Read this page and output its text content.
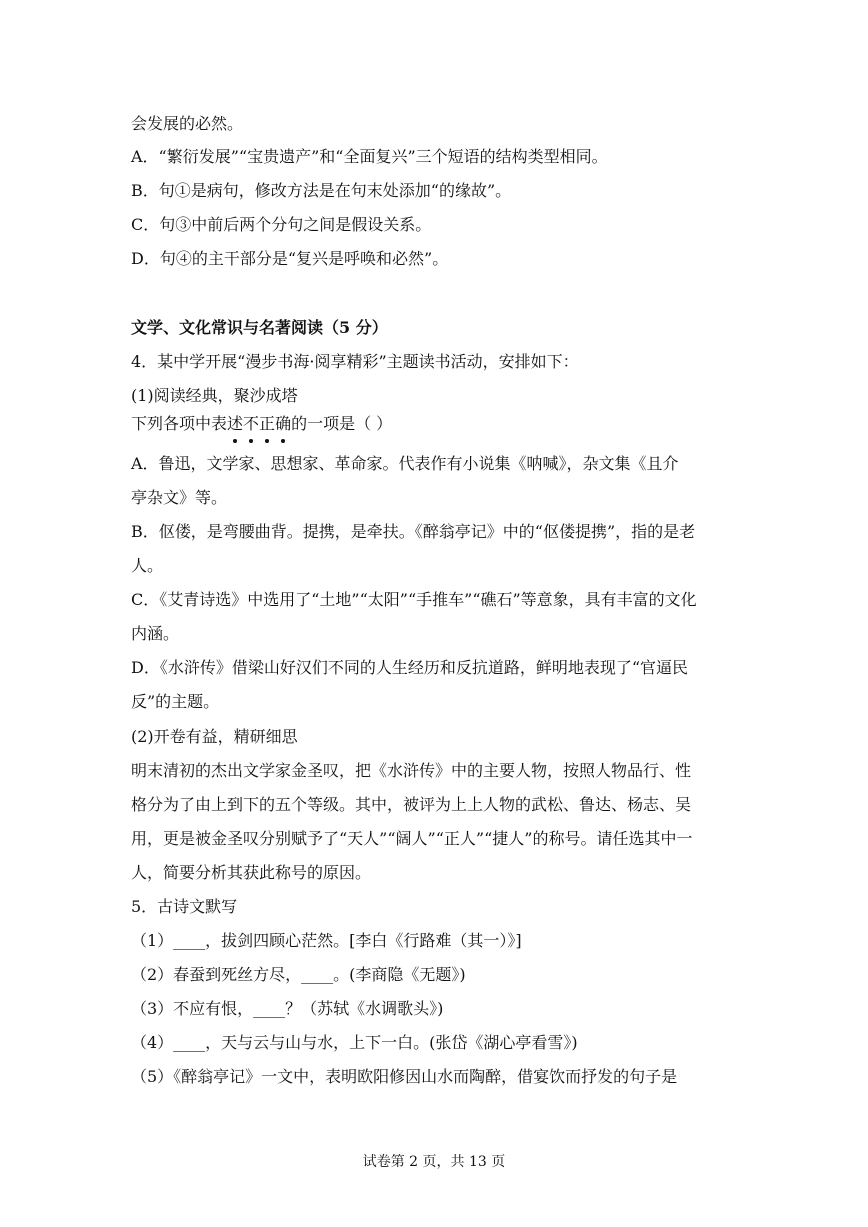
会发展的必然。
A．“繁衍发展”“宝贵遗产”和“全面复兴”三个短语的结构类型相同。
B．句①是病句，修改方法是在句末处添加“的缘故”。
C．句③中前后两个分句之间是假设关系。
D．句④的主干部分是“复兴是呼唤和必然”。
文学、文化常识与名著阅读（5 分）
4．某中学开展“漫步书海·阅享精彩”主题读书活动，安排如下：
(1)阅读经典，聚沙成塔
下列各项中表述不正确的一项是（ ）
A．鲁迅，文学家、思想家、革命家。代表作有小说集《呐喊》，杂文集《且介
亭杂文》等。
B．伛偻，是弯腰曲背。提携，是牵扶。《醉翁亭记》中的“伛偻提携”，指的是老
人。
C．《艾青诗选》中选用了“土地”“太阳”“手推车”“礁石”等意象，具有丰富的文化
内涵。
D．《水浒传》借梁山好汉们不同的人生经历和反抗道路，鲜明地表现了“官逼民
反”的主题。
(2)开卷有益，精研细思
明末清初的杰出文学家金圣叹，把《水浒传》中的主要人物，按照人物品行、性
格分为了由上到下的五个等级。其中，被评为上上人物的武松、鲁达、杨志、吴
用，更是被金圣叹分别赋予了“天人”“阔人”“正人”“捷人”的称号。请任选其中一
人，简要分析其获此称号的原因。
5．古诗文默写
（1）____，拔剑四顾心茫然。[李白《行路难（其一）》]
（2）春蚕到死丝方尽，____。(李商隐《无题》)
（3）不应有恨，____？（苏轼《水调歌头》)
（4）____，天与云与山与水，上下一白。(张岱《湖心亭看雪》)
（5）《醉翁亭记》一文中，表明欧阳修因山水而陶醉，借宴饮而抒发的句子是
试卷第 2 页，共 13 页
